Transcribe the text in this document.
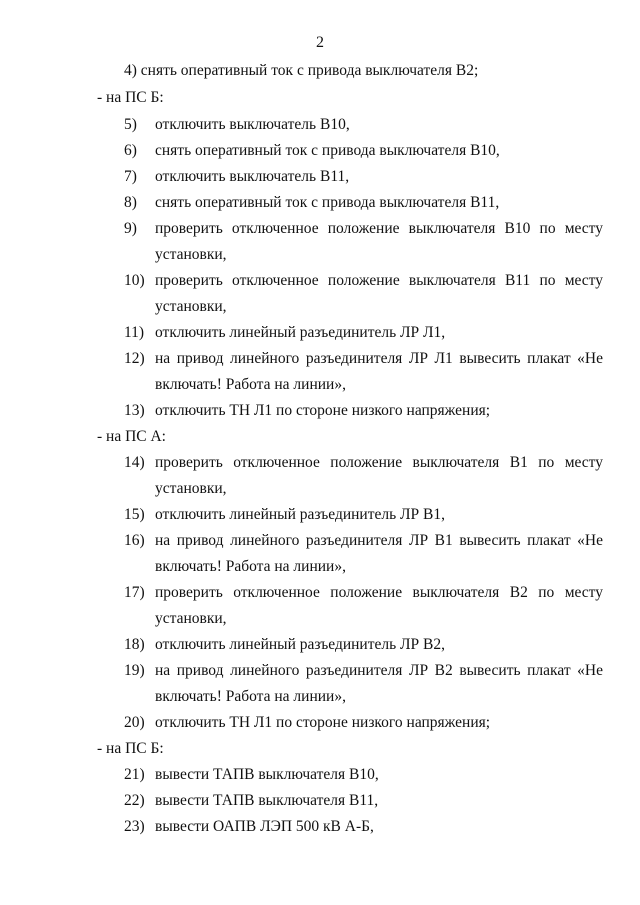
2
4) снять оперативный ток с привода выключателя В2;
- на ПС Б:
5) отключить выключатель В10,
6) снять оперативный ток с привода выключателя В10,
7) отключить выключатель В11,
8) снять оперативный ток с привода выключателя В11,
9) проверить отключенное положение выключателя В10 по месту
установки,
10) проверить отключенное положение выключателя В11 по месту
установки,
11) отключить линейный разъединитель ЛР Л1,
12) на привод линейного разъединителя ЛР Л1 вывесить плакат «Не
включать! Работа на линии»,
13) отключить ТН Л1 по стороне низкого напряжения;
- на ПС А:
14) проверить отключенное положение выключателя В1 по месту
установки,
15) отключить линейный разъединитель ЛР В1,
16) на привод линейного разъединителя ЛР В1 вывесить плакат «Не
включать! Работа на линии»,
17) проверить отключенное положение выключателя В2 по месту
установки,
18) отключить линейный разъединитель ЛР В2,
19) на привод линейного разъединителя ЛР В2 вывесить плакат «Не
включать! Работа на линии»,
20) отключить ТН Л1 по стороне низкого напряжения;
- на ПС Б:
21) вывести ТАПВ выключателя В10,
22) вывести ТАПВ выключателя В11,
23) вывести ОАПВ ЛЭП 500 кВ А-Б,
